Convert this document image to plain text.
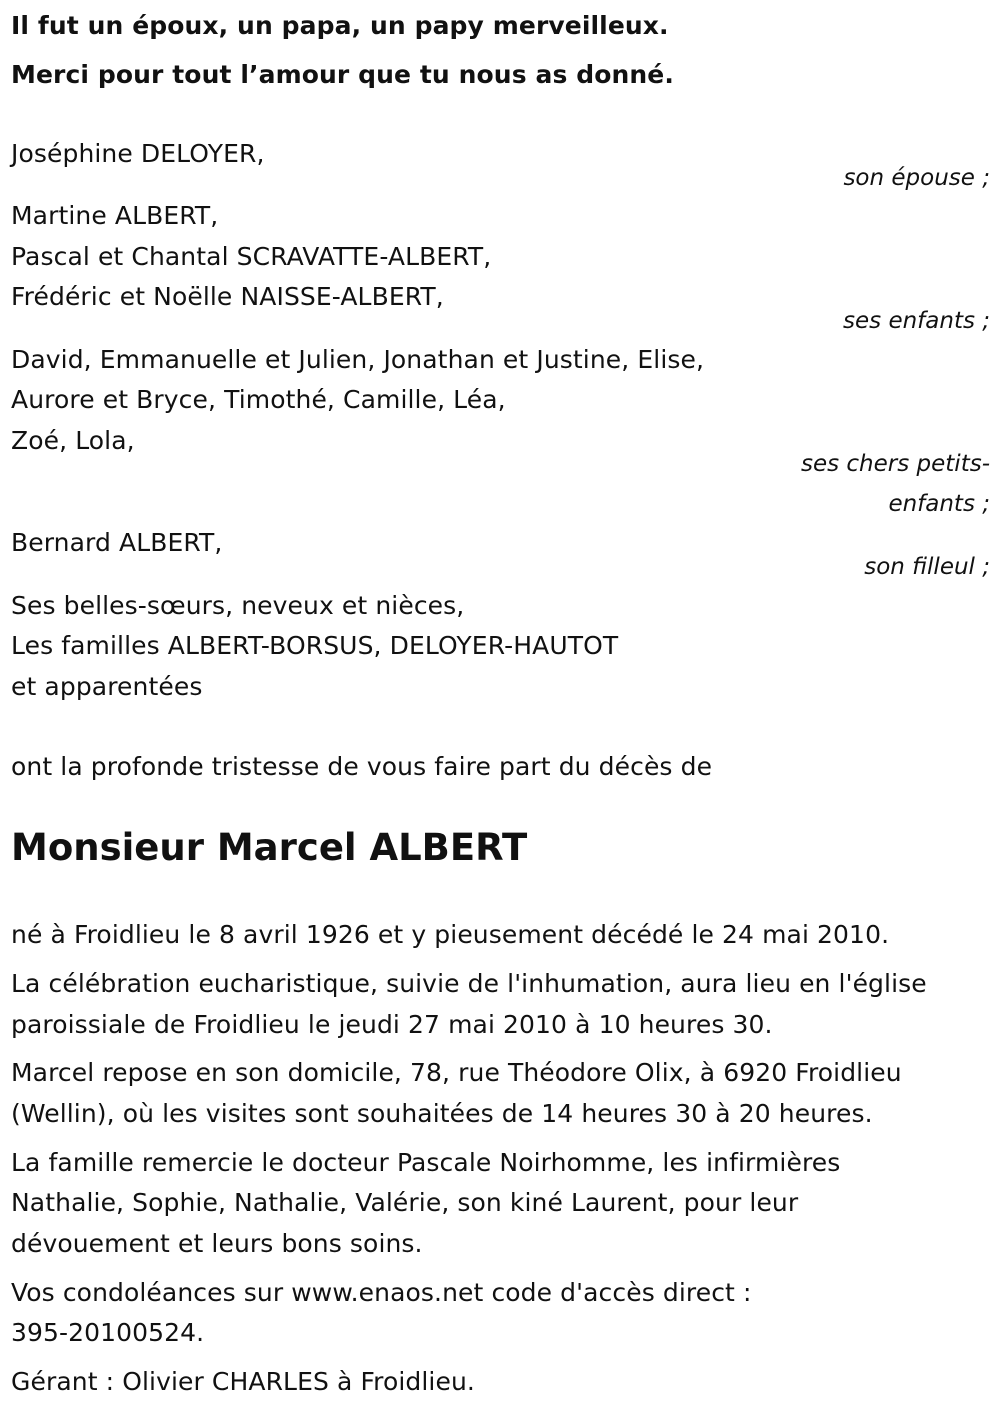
Il fut un époux, un papa, un papy merveilleux.
Merci pour tout l’amour que tu nous as donné.
Joséphine DELOYER,
son épouse ;
Martine ALBERT,
Pascal et Chantal SCRAVATTE-ALBERT,
Frédéric et Noëlle NAISSE-ALBERT,
ses enfants ;
David, Emmanuelle et Julien, Jonathan et Justine, Elise,
Aurore et Bryce, Timothé, Camille, Léa,
Zoé, Lola,
ses chers petits-
enfants ;
Bernard ALBERT,
son filleul ;
Ses belles-sœurs, neveux et nièces,
Les familles ALBERT-BORSUS, DELOYER-HAUTOT
et apparentées
ont la profonde tristesse de vous faire part du décès de
Monsieur Marcel ALBERT
né à Froidlieu le 8 avril 1926 et y pieusement décédé le 24 mai 2010.
La célébration eucharistique, suivie de l'inhumation, aura lieu en l'église
paroissiale de Froidlieu le jeudi 27 mai 2010 à 10 heures 30.
Marcel repose en son domicile, 78, rue Théodore Olix, à 6920 Froidlieu
(Wellin), où les visites sont souhaitées de 14 heures 30 à 20 heures.
La famille remercie le docteur Pascale Noirhomme, les infirmières
Nathalie, Sophie, Nathalie, Valérie, son kiné Laurent, pour leur
dévouement et leurs bons soins.
Vos condoléances sur www.enaos.net code d'accès direct :
395-20100524.
Gérant : Olivier CHARLES à Froidlieu.
